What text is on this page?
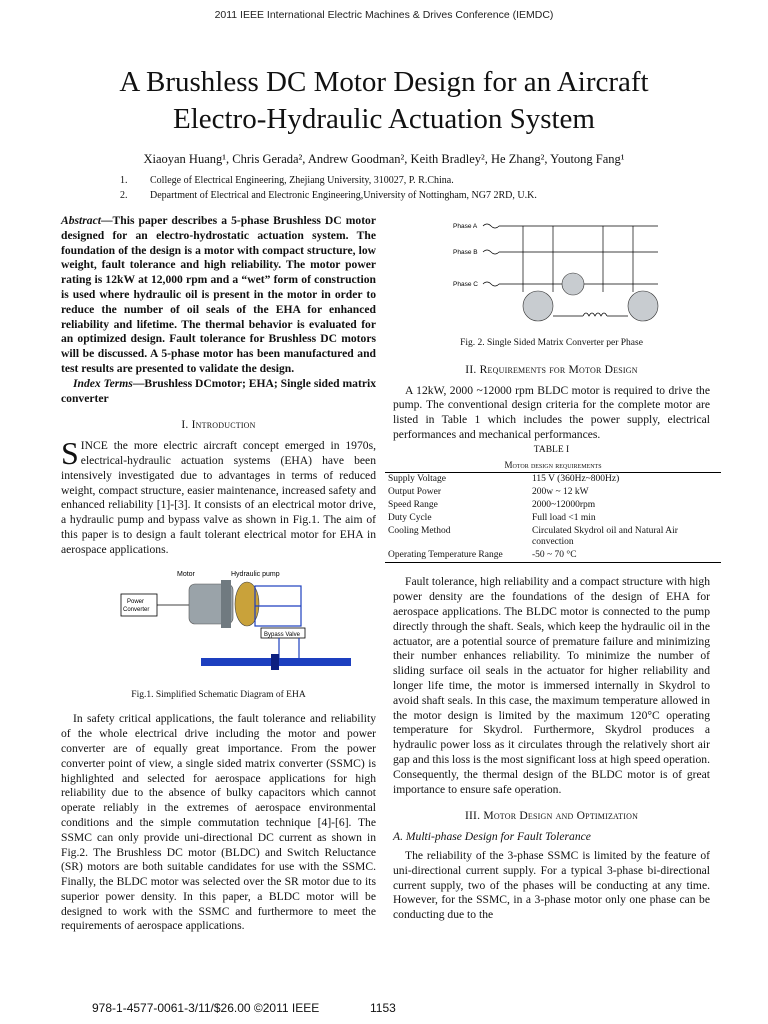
2011 IEEE International Electric Machines & Drives Conference (IEMDC)
A Brushless DC Motor Design for an Aircraft
Electro-Hydraulic Actuation System
Xiaoyan Huang¹, Chris Gerada², Andrew Goodman², Keith Bradley², He Zhang², Youtong Fang¹
1.	College of Electrical Engineering, Zhejiang University, 310027, P. R.China.
2.	Department of Electrical and Electronic Engineering,University of Nottingham, NG7 2RD, U.K.

Abstract—This paper describes a 5-phase Brushless DC motor designed for an electro-hydrostatic actuation system. The foundation of the design is a motor with compact structure, low weight, fault tolerance and high reliability. The motor power rating is 12kW at 12,000 rpm and a “wet” form of construction is used where hydraulic oil is present in the motor in order to reduce the number of oil seals of the EHA for enhanced reliability and lifetime. The thermal behavior is evaluated for an optimized design. Fault tolerance for Brushless DC motors will be discussed. A 5-phase motor has been manufactured and test results are presented to validate the design.

Index Terms—Brushless DCmotor; EHA; Single sided matrix converter

I. Introduction

SINCE the more electric aircraft concept emerged in 1970s, electrical-hydraulic actuation systems (EHA) have been intensively investigated due to advantages in terms of reduced weight, compact structure, easier maintenance, increased safety and enhanced reliability [1]-[3]. It consists of an electrical motor drive, a hydraulic pump and bypass valve as shown in Fig.1. The aim of this paper is to design a fault tolerant electrical motor for EHA in aerospace applications.

Motor	Hydraulic pump
Power
Converter
Bypass Valve
Fig.1. Simplified Schematic Diagram of EHA

In safety critical applications, the fault tolerance and reliability of the whole electrical drive including the motor and power converter are of equally great importance. From the power converter point of view, a single sided matrix converter (SSMC) is highlighted and selected for aerospace applications for high reliability due to the absence of bulky capacitors which cannot operate reliably in the extremes of aerospace environmental conditions and the simple commutation technique [4]-[6]. The SSMC can only provide uni-directional DC current as shown in Fig.2. The Brushless DC motor (BLDC) and Switch Reluctance (SR) motors are both suitable candidates for use with the SSMC. Finally, the BLDC motor was selected over the SR motor due to its superior power density. In this paper, a BLDC motor will be designed to work with the SSMC and furthermore to meet the requirements of aerospace applications.

Phase A
Phase B
Phase C
Fig. 2. Single Sided Matrix Converter per Phase
II. Requirements for Motor Design

A 12kW, 2000 ~12000 rpm BLDC motor is required to drive the pump. The conventional design criteria for the complete motor are listed in Table 1 which includes the power supply, electrical performances and mechanical performances.

TABLE I
Motor design requirements
Supply Voltage	115 V (360Hz~800Hz)
Output Power	200w ~ 12 kW
Speed Range	2000~12000rpm
Duty Cycle	Full load <1 min
Cooling Method	Circulated Skydrol oil and Natural Air convection
Operating Temperature Range	-50 ~ 70 °C

Fault tolerance, high reliability and a compact structure with high power density are the foundations of the design of EHA for aerospace applications. The BLDC motor is connected to the pump directly through the shaft. Seals, which keep the hydraulic oil in the actuator, are a potential source of premature failure and minimizing their number enhances reliability. To minimize the number of sliding surface oil seals in the actuator for higher reliability and longer life time, the motor is immersed internally in Skydrol to avoid shaft seals. In this case, the maximum temperature allowed in the motor design is limited by the maximum 120°C operating temperature for Skydrol. Furthermore, Skydrol produces a hydraulic power loss as it circulates through the relatively short air gap and this loss is the most significant loss at high speed operation. Consequently, the thermal design of the BLDC motor is of great importance to ensure safe operation.

III. Motor Design and Optimization
A. Multi-phase Design for Fault Tolerance

The reliability of the 3-phase SSMC is limited by the feature of uni-directional current supply. For a typical 3-phase bi-directional current supply, two of the phases will be conducting at any time. However, for the SSMC, in a 3-phase motor only one phase can be conducting due to the

978-1-4577-0061-3/11/$26.00 ©2011 IEEE	1153
